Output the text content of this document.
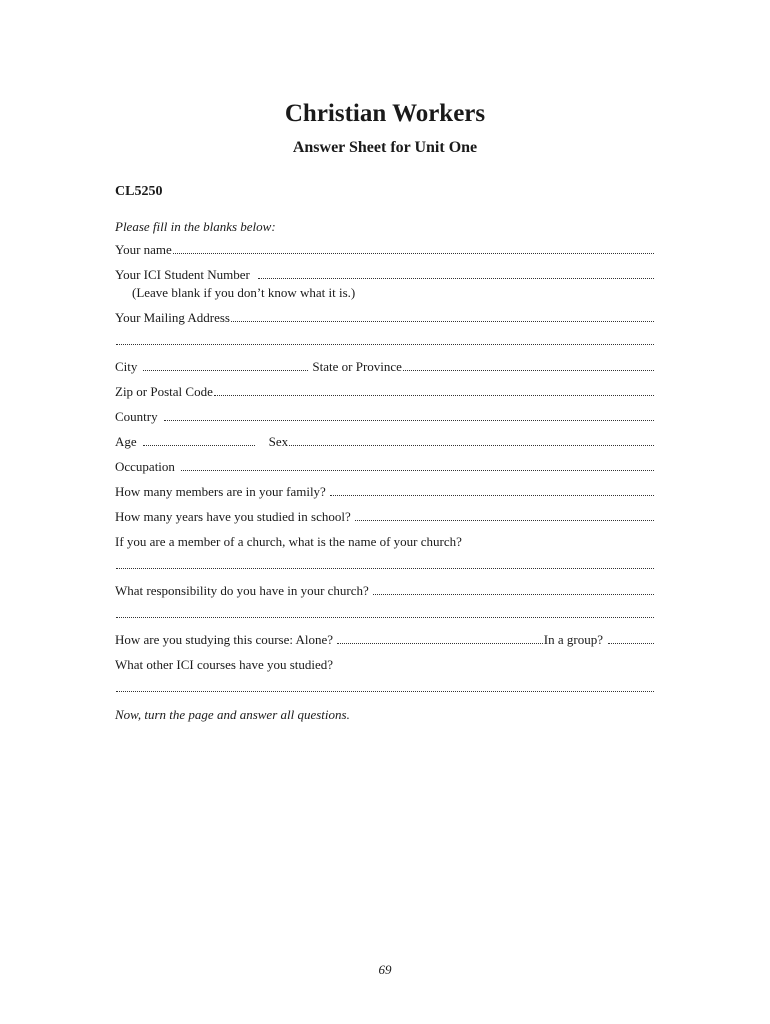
Christian Workers
Answer Sheet for Unit One
CL5250
Please fill in the blanks below:
Your name
Your ICI Student Number
(Leave blank if you don’t know what it is.)
Your Mailing Address
City	State or Province
Zip or Postal Code
Country
Age	Sex
Occupation
How many members are in your family?
How many years have you studied in school?
If you are a member of a church, what is the name of your church?
What responsibility do you have in your church?
How are you studying this course: Alone?	In a group?
What other ICI courses have you studied?
Now, turn the page and answer all questions.
69
